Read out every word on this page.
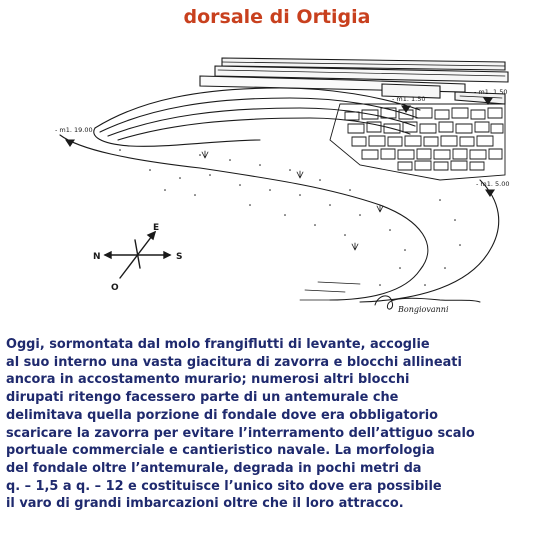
dorsale di Ortigia
- m1. 19.00
- m1. 1.50
- m1. 1.50
- m1. 5.00
N
E
S
O
Bongiovanni
Oggi, sormontata dal molo frangiflutti di levante, accoglie
al suo interno una vasta giacitura di zavorra e blocchi allineati
ancora in accostamento murario; numerosi altri blocchi
dirupati ritengo facessero parte di un antemurale che
delimitava quella porzione di fondale dove era obbligatorio
scaricare la zavorra per evitare l’interramento dell’attiguo scalo
portuale commerciale e cantieristico navale. La morfologia
del fondale oltre l’antemurale, degrada in pochi metri da
q. – 1,5 a q. – 12 e costituisce l’unico sito dove era possibile
il varo di grandi imbarcazioni oltre che il loro attracco.
